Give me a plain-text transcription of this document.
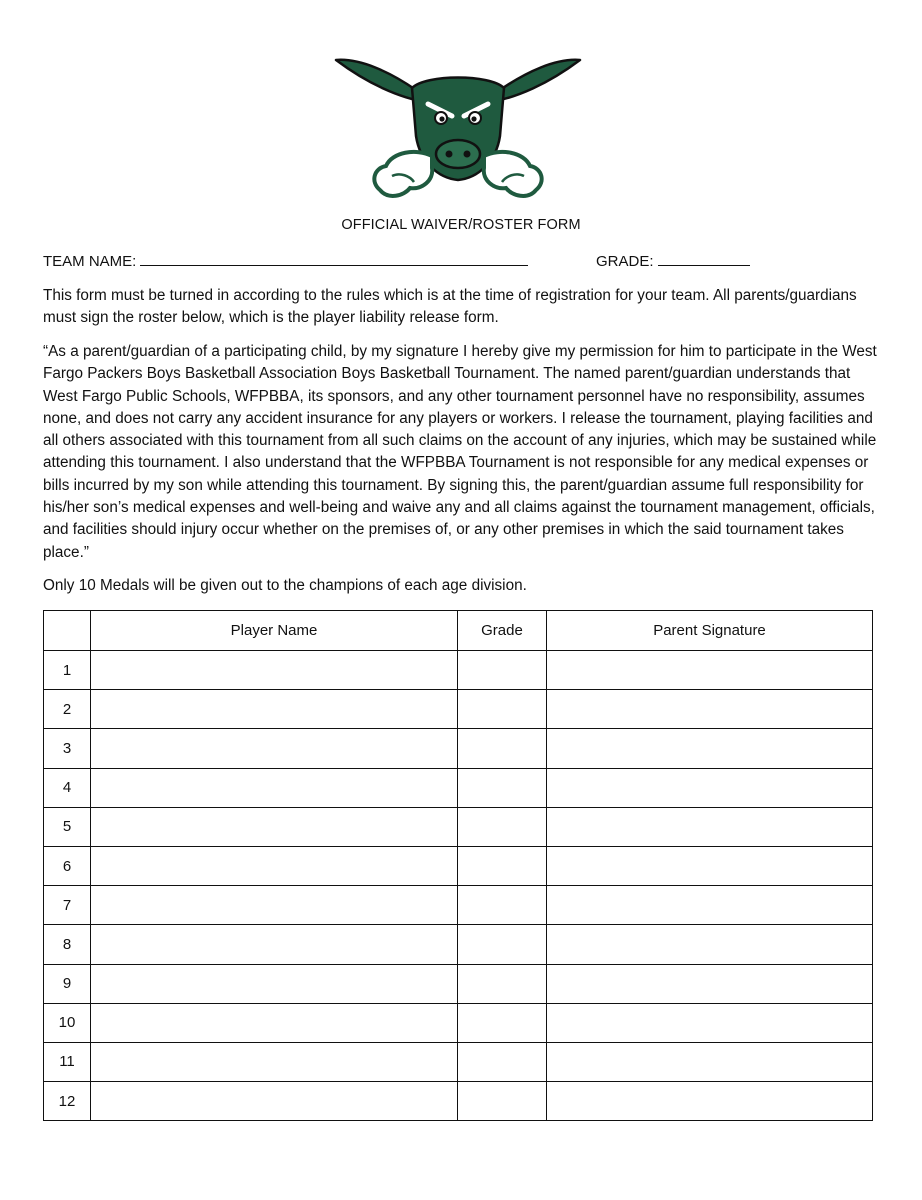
OFFICIAL WAIVER/ROSTER FORM
TEAM NAME:	GRADE:

This form must be turned in according to the rules which is at the time of registration for your team. All parents/guardians must sign the roster below, which is the player liability release form.

“As a parent/guardian of a participating child, by my signature I hereby give my permission for him to participate in the West Fargo Packers Boys Basketball Association Boys Basketball Tournament. The named parent/guardian understands that West Fargo Public Schools, WFPBBA, its sponsors, and any other tournament personnel have no responsibility, assumes none, and does not carry any accident insurance for any players or workers. I release the tournament, playing facilities and all others associated with this tournament from all such claims on the account of any injuries, which may be sustained while attending this tournament. I also understand that the WFPBBA Tournament is not responsible for any medical expenses or bills incurred by my son while attending this tournament. By signing this, the parent/guardian assume full responsibility for his/her son’s medical expenses and well-being and waive any and all claims against the tournament management, officials, and facilities should injury occur whether on the premises of, or any other premises in which the said tournament takes place.”

Only 10 Medals will be given out to the champions of each age division.

	Player Name	Grade	Parent Signature
1			
2			
3			
4			
5			
6			
7			
8			
9			
10			
11			
12			
